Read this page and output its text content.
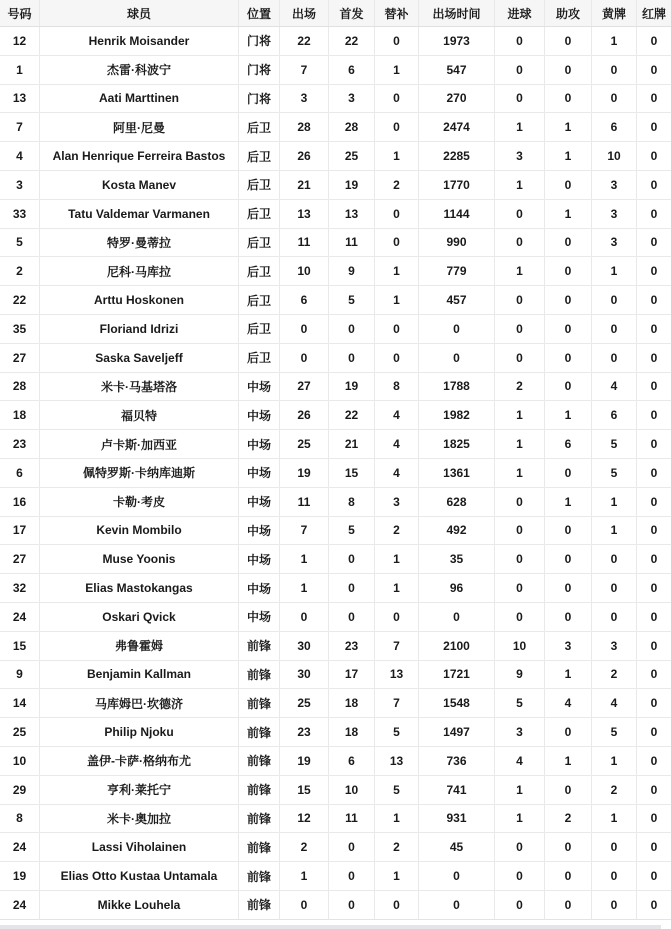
号码	球员	位置	出场	首发	替补	出场时间	进球	助攻	黄牌	红牌
12	Henrik Moisander	门将	22	22	0	1973	0	0	1	0
1	杰雷·科波宁	门将	7	6	1	547	0	0	0	0
13	Aati Marttinen	门将	3	3	0	270	0	0	0	0
7	阿里·尼曼	后卫	28	28	0	2474	1	1	6	0
4	Alan Henrique Ferreira Bastos	后卫	26	25	1	2285	3	1	10	0
3	Kosta Manev	后卫	21	19	2	1770	1	0	3	0
33	Tatu Valdemar Varmanen	后卫	13	13	0	1144	0	1	3	0
5	特罗·曼蒂拉	后卫	11	11	0	990	0	0	3	0
2	尼科·马库拉	后卫	10	9	1	779	1	0	1	0
22	Arttu Hoskonen	后卫	6	5	1	457	0	0	0	0
35	Floriand Idrizi	后卫	0	0	0	0	0	0	0	0
27	Saska Saveljeff	后卫	0	0	0	0	0	0	0	0
28	米卡·马基塔洛	中场	27	19	8	1788	2	0	4	0
18	福贝特	中场	26	22	4	1982	1	1	6	0
23	卢卡斯·加西亚	中场	25	21	4	1825	1	6	5	0
6	佩特罗斯·卡纳库迪斯	中场	19	15	4	1361	1	0	5	0
16	卡勒·考皮	中场	11	8	3	628	0	1	1	0
17	Kevin Mombilo	中场	7	5	2	492	0	0	1	0
27	Muse Yoonis	中场	1	0	1	35	0	0	0	0
32	Elias Mastokangas	中场	1	0	1	96	0	0	0	0
24	Oskari Qvick	中场	0	0	0	0	0	0	0	0
15	弗鲁霍姆	前锋	30	23	7	2100	10	3	3	0
9	Benjamin Kallman	前锋	30	17	13	1721	9	1	2	0
14	马库姆巴·坎德济	前锋	25	18	7	1548	5	4	4	0
25	Philip Njoku	前锋	23	18	5	1497	3	0	5	0
10	盖伊-卡萨·格纳布尤	前锋	19	6	13	736	4	1	1	0
29	亨利·莱托宁	前锋	15	10	5	741	1	0	2	0
8	米卡·奥加拉	前锋	12	11	1	931	1	2	1	0
24	Lassi Viholainen	前锋	2	0	2	45	0	0	0	0
19	Elias Otto Kustaa Untamala	前锋	1	0	1	0	0	0	0	0
24	Mikke Louhela	前锋	0	0	0	0	0	0	0	0
